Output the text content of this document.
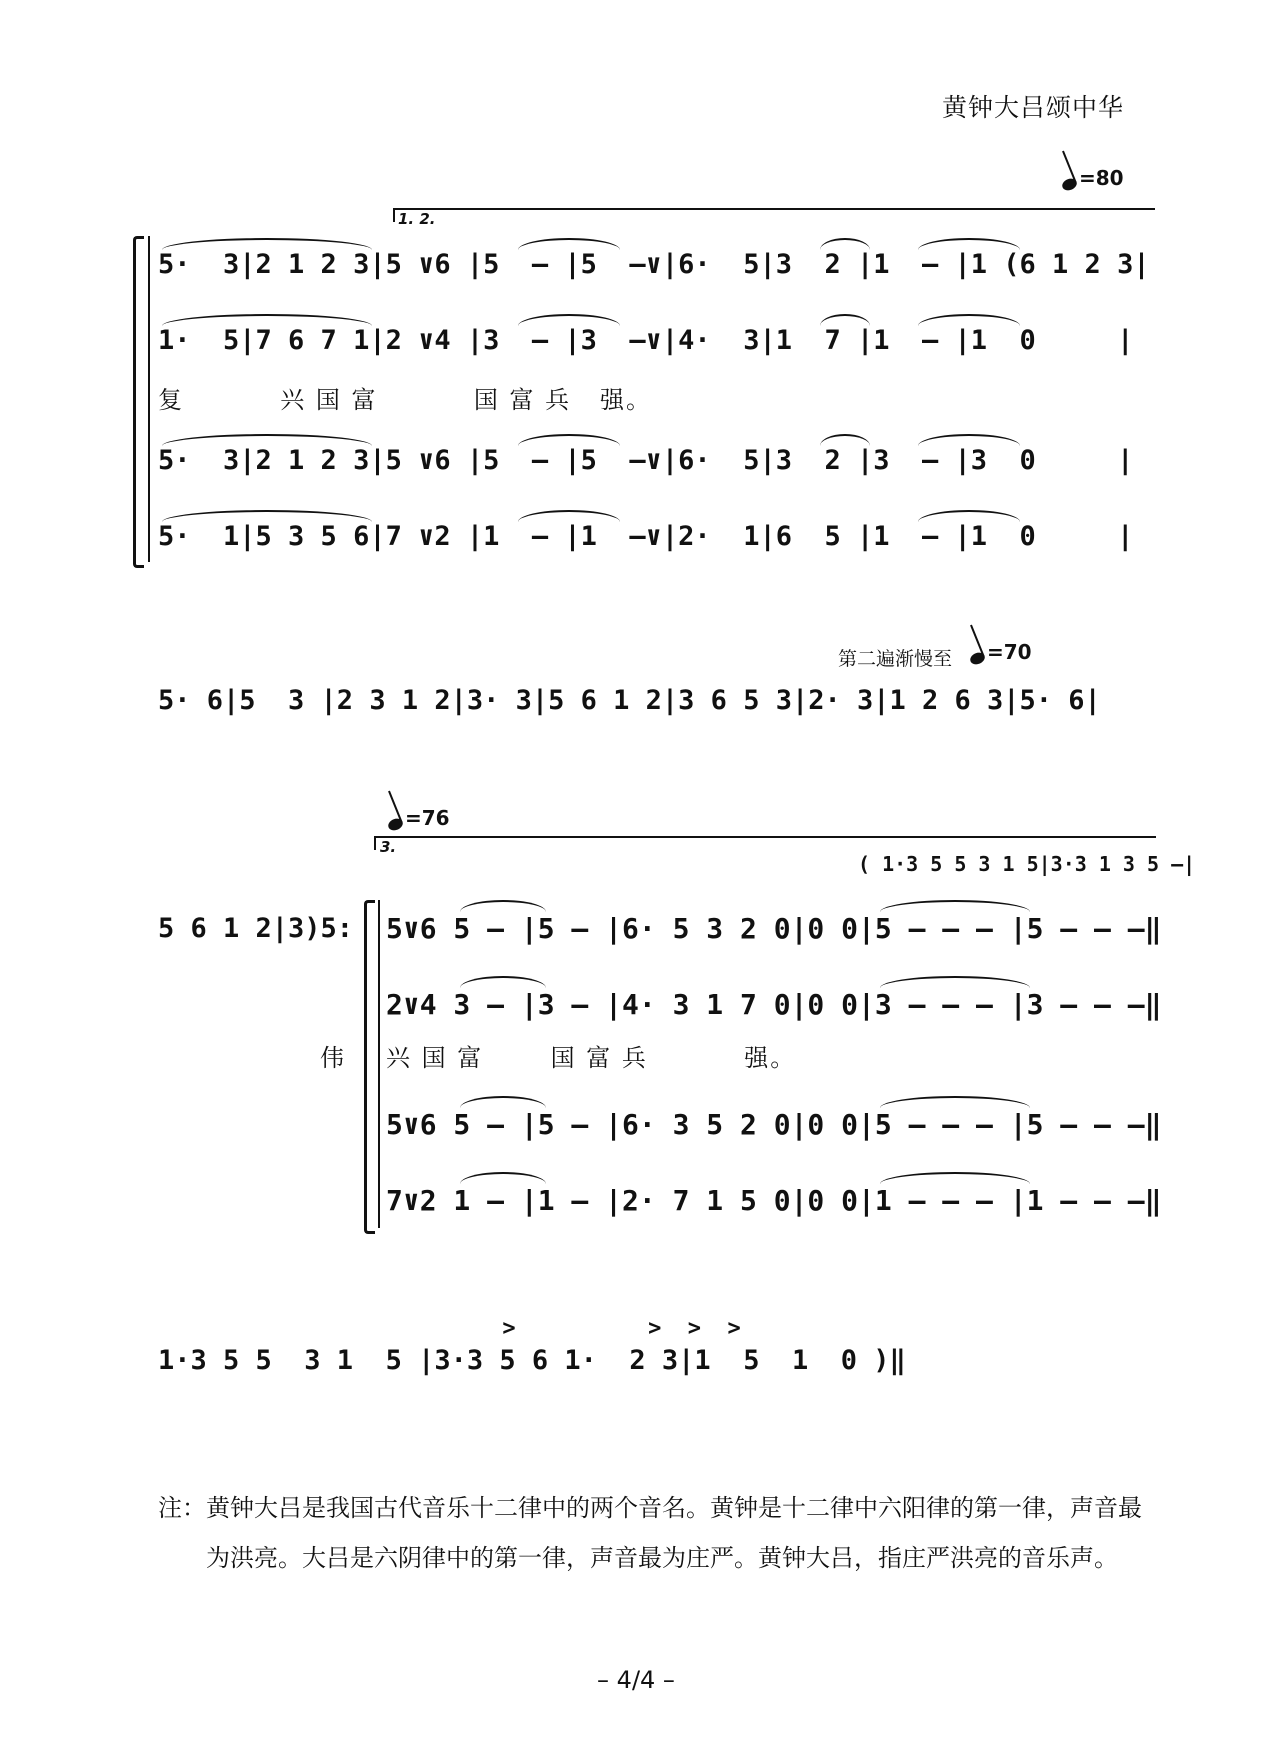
黄钟大吕颂中华
=80
1. 2.
5·  3|2 1 2 3|5 ∨6 |5  – |5  –∨|6·  5|3  2 |1  – |1 (6 1 2 3|
1·  5|7 6 7 1|2 ∨4 |3  – |3  –∨|4·  3|1  7 |1  – |1  0     |
复          兴 国 富          国 富 兵   强。
5·  3|2 1 2 3|5 ∨6 |5  – |5  –∨|6·  5|3  2 |3  – |3  0     |
5·  1|5 3 5 6|7 ∨2 |1  – |1  –∨|2·  1|6  5 |1  – |1  0     |
第二遍渐慢至 =70
5· 6|5  3 |2 3 1 2|3· 3|5 6 1 2|3 6 5 3|2· 3|1 2 6 3|5· 6|
=76
3.
( 1·3 5 5 3 1 5|3·3 1 3 5 –|
5 6 1 2|3)5: 5∨6 5 – |5 – |6· 5 3 2 0|0 0|5 – – – |5 – – –‖
2∨4 3 – |3 – |4· 3 1 7 0|0 0|3 – – – |3 – – –‖
伟 兴 国 富       国 富 兵          强。
5∨6 5 – |5 – |6· 3 5 2 0|0 0|5 – – – |5 – – –‖
7∨2 1 – |1 – |2· 7 1 5 0|0 0|1 – – – |1 – – –‖
>          >  >  >
1·3 5 5  3 1  5 |3·3 5 6 1·  2 3|1  5  1  0 )‖
注：黄钟大吕是我国古代音乐十二律中的两个音名。黄钟是十二律中六阳律的第一律，声音最
为洪亮。大吕是六阴律中的第一律，声音最为庄严。黄钟大吕，指庄严洪亮的音乐声。
– 4/4 –
